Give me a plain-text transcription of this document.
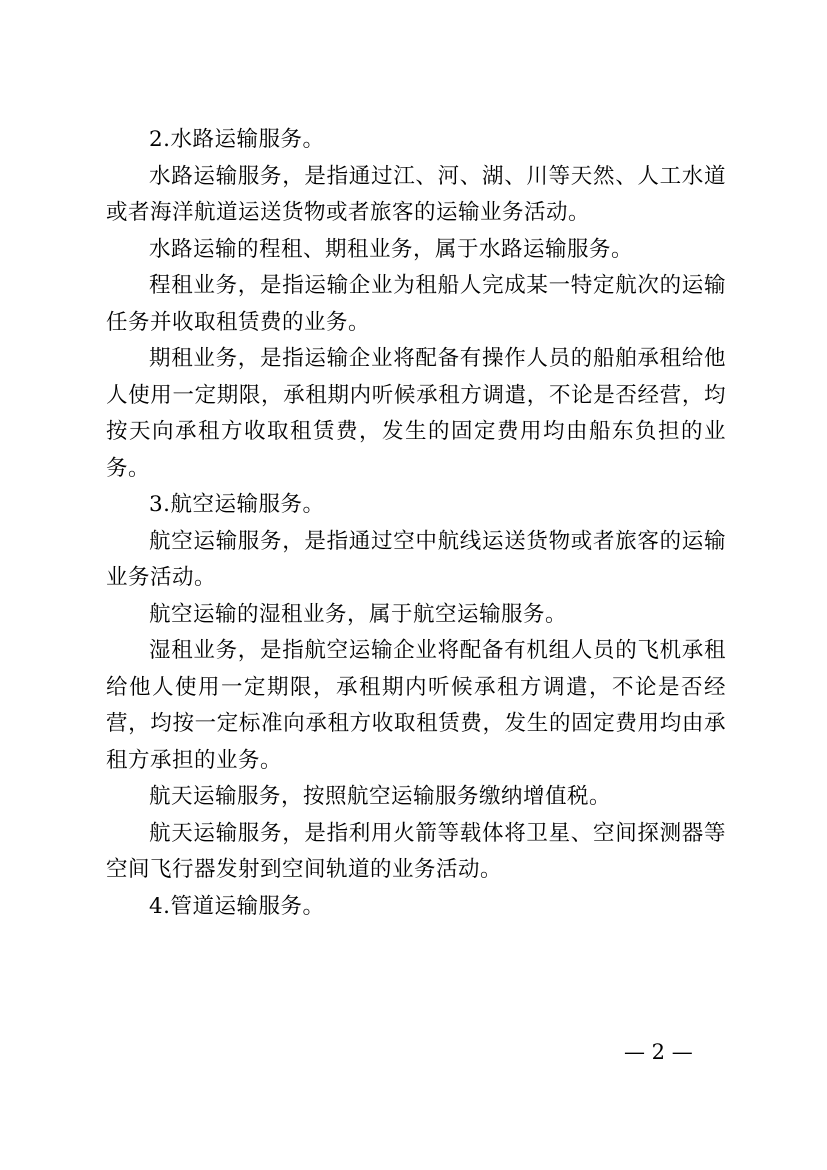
2.水路运输服务。

水路运输服务，是指通过江、河、湖、川等天然、人工水道或者海洋航道运送货物或者旅客的运输业务活动。

水路运输的程租、期租业务，属于水路运输服务。

程租业务，是指运输企业为租船人完成某一特定航次的运输任务并收取租赁费的业务。

期租业务，是指运输企业将配备有操作人员的船舶承租给他人使用一定期限，承租期内听候承租方调遣，不论是否经营，均按天向承租方收取租赁费，发生的固定费用均由船东负担的业务。

3.航空运输服务。

航空运输服务，是指通过空中航线运送货物或者旅客的运输业务活动。

航空运输的湿租业务，属于航空运输服务。

湿租业务，是指航空运输企业将配备有机组人员的飞机承租给他人使用一定期限，承租期内听候承租方调遣，不论是否经营，均按一定标准向承租方收取租赁费，发生的固定费用均由承租方承担的业务。

航天运输服务，按照航空运输服务缴纳增值税。

航天运输服务，是指利用火箭等载体将卫星、空间探测器等空间飞行器发射到空间轨道的业务活动。

4.管道运输服务。

— 2 —
